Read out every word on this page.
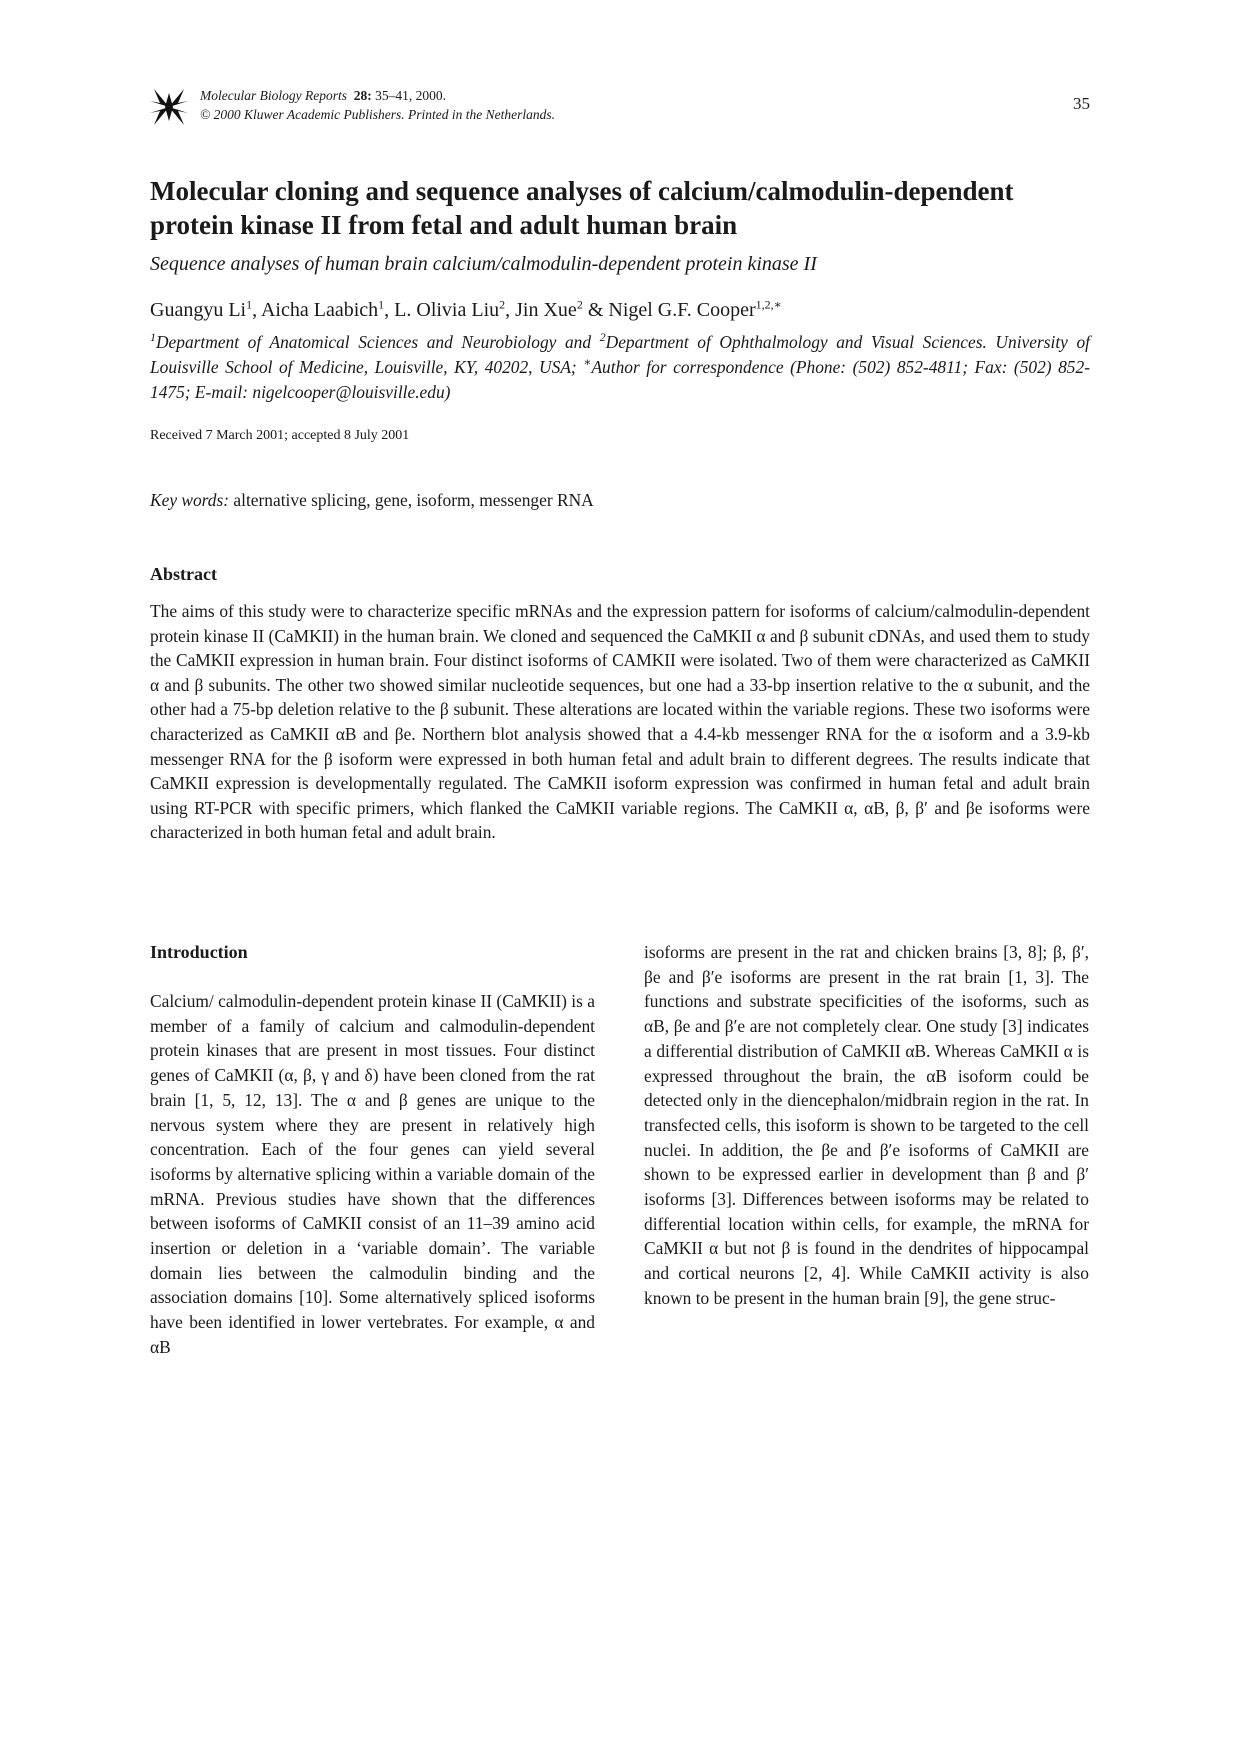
Molecular Biology Reports 28: 35–41, 2000.
© 2000 Kluwer Academic Publishers. Printed in the Netherlands.
35
Molecular cloning and sequence analyses of calcium/calmodulin-dependent protein kinase II from fetal and adult human brain
Sequence analyses of human brain calcium/calmodulin-dependent protein kinase II
Guangyu Li$^1$, Aicha Laabich$^1$, L. Olivia Liu$^2$, Jin Xue$^2$ & Nigel G.F. Cooper$^{1,2,∗}$
$^1$Department of Anatomical Sciences and Neurobiology and $^2$Department of Ophthalmology and Visual Sciences. University of Louisville School of Medicine, Louisville, KY, 40202, USA; ∗Author for correspondence (Phone: (502) 852-4811; Fax: (502) 852-1475; E-mail: nigelcooper@louisville.edu)
Received 7 March 2001; accepted 8 July 2001
Key words: alternative splicing, gene, isoform, messenger RNA
Abstract
The aims of this study were to characterize specific mRNAs and the expression pattern for isoforms of calcium/calmodulin-dependent protein kinase II (CaMKII) in the human brain. We cloned and sequenced the CaMKII α and β subunit cDNAs, and used them to study the CaMKII expression in human brain. Four distinct isoforms of CAMKII were isolated. Two of them were characterized as CaMKII α and β subunits. The other two showed similar nucleotide sequences, but one had a 33-bp insertion relative to the α subunit, and the other had a 75-bp deletion relative to the β subunit. These alterations are located within the variable regions. These two isoforms were characterized as CaMKII αB and βe. Northern blot analysis showed that a 4.4-kb messenger RNA for the α isoform and a 3.9-kb messenger RNA for the β isoform were expressed in both human fetal and adult brain to different degrees. The results indicate that CaMKII expression is developmentally regulated. The CaMKII isoform expression was confirmed in human fetal and adult brain using RT-PCR with specific primers, which flanked the CaMKII variable regions. The CaMKII α, αB, β, β′ and βe isoforms were characterized in both human fetal and adult brain.
Introduction
Calcium/ calmodulin-dependent protein kinase II (CaMKII) is a member of a family of calcium and calmodulin-dependent protein kinases that are present in most tissues. Four distinct genes of CaMKII (α, β, γ and δ) have been cloned from the rat brain [1, 5, 12, 13]. The α and β genes are unique to the nervous system where they are present in relatively high concentration. Each of the four genes can yield several isoforms by alternative splicing within a variable domain of the mRNA. Previous studies have shown that the differences between isoforms of CaMKII consist of an 11–39 amino acid insertion or deletion in a ‘variable domain’. The variable domain lies between the calmodulin binding and the association domains [10]. Some alternatively spliced isoforms have been identified in lower vertebrates. For example, α and αB
isoforms are present in the rat and chicken brains [3, 8]; β, β′, βe and β′e isoforms are present in the rat brain [1, 3]. The functions and substrate specificities of the isoforms, such as αB, βe and β′e are not completely clear. One study [3] indicates a differential distribution of CaMKII αB. Whereas CaMKII α is expressed throughout the brain, the αB isoform could be detected only in the diencephalon/midbrain region in the rat. In transfected cells, this isoform is shown to be targeted to the cell nuclei. In addition, the βe and β′e isoforms of CaMKII are shown to be expressed earlier in development than β and β′ isoforms [3]. Differences between isoforms may be related to differential location within cells, for example, the mRNA for CaMKII α but not β is found in the dendrites of hippocampal and cortical neurons [2, 4]. While CaMKII activity is also known to be present in the human brain [9], the gene struc-
